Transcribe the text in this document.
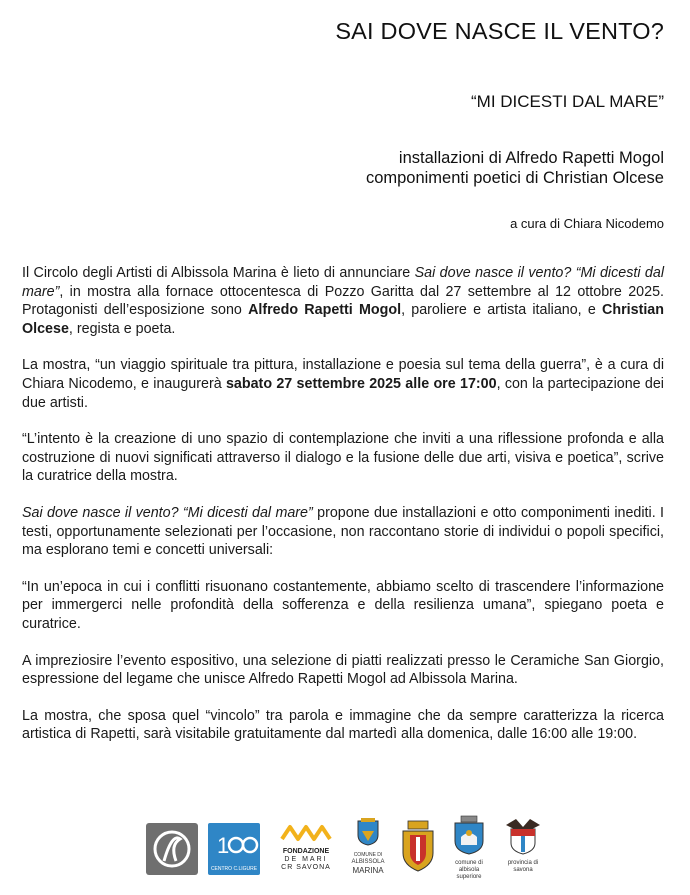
SAI DOVE NASCE IL VENTO?
“MI DICESTI DAL MARE”
installazioni di Alfredo Rapetti Mogol
componimenti poetici di Christian Olcese
a cura di Chiara Nicodemo

Il Circolo degli Artisti di Albissola Marina è lieto di annunciare Sai dove nasce il vento? “Mi dicesti dal mare”, in mostra alla fornace ottocentesca di Pozzo Garitta dal 27 settembre al 12 ottobre 2025. Protagonisti dell’esposizione sono Alfredo Rapetti Mogol, paroliere e artista italiano, e Christian Olcese, regista e poeta.

La mostra, “un viaggio spirituale tra pittura, installazione e poesia sul tema della guerra”, è a cura di Chiara Nicodemo, e inaugurerà sabato 27 settembre 2025 alle ore 17:00, con la partecipazione dei due artisti.

“L’intento è la creazione di uno spazio di contemplazione che inviti a una riflessione profonda e alla costruzione di nuovi significati attraverso il dialogo e la fusione delle due arti, visiva e poetica”, scrive la curatrice della mostra.

Sai dove nasce il vento? “Mi dicesti dal mare” propone due installazioni e otto componimenti inediti. I testi, opportunamente selezionati per l’occasione, non raccontano storie di individui o popoli specifici, ma esplorano temi e concetti universali:

“In un’epoca in cui i conflitti risuonano costantemente, abbiamo scelto di trascendere l’informazione per immergerci nelle profondità della sofferenza e della resilienza umana”, spiegano poeta e curatrice.

A impreziosire l’evento espositivo, una selezione di piatti realizzati presso le Ceramiche San Giorgio, espressione del legame che unisce Alfredo Rapetti Mogol ad Albissola Marina.

La mostra, che sposa quel “vincolo” tra parola e immagine che da sempre caratterizza la ricerca artistica di Rapetti, sarà visitabile gratuitamente dal martedì alla domenica, dalle 16:00 alle 19:00.

1
CENTRO C.LIGURE
FONDAZIONE
DE MARI
CR SAVONA
COMUNE DI
ALBISSOLA
MARINA
comune di
albisola superiore
provincia di
savona
